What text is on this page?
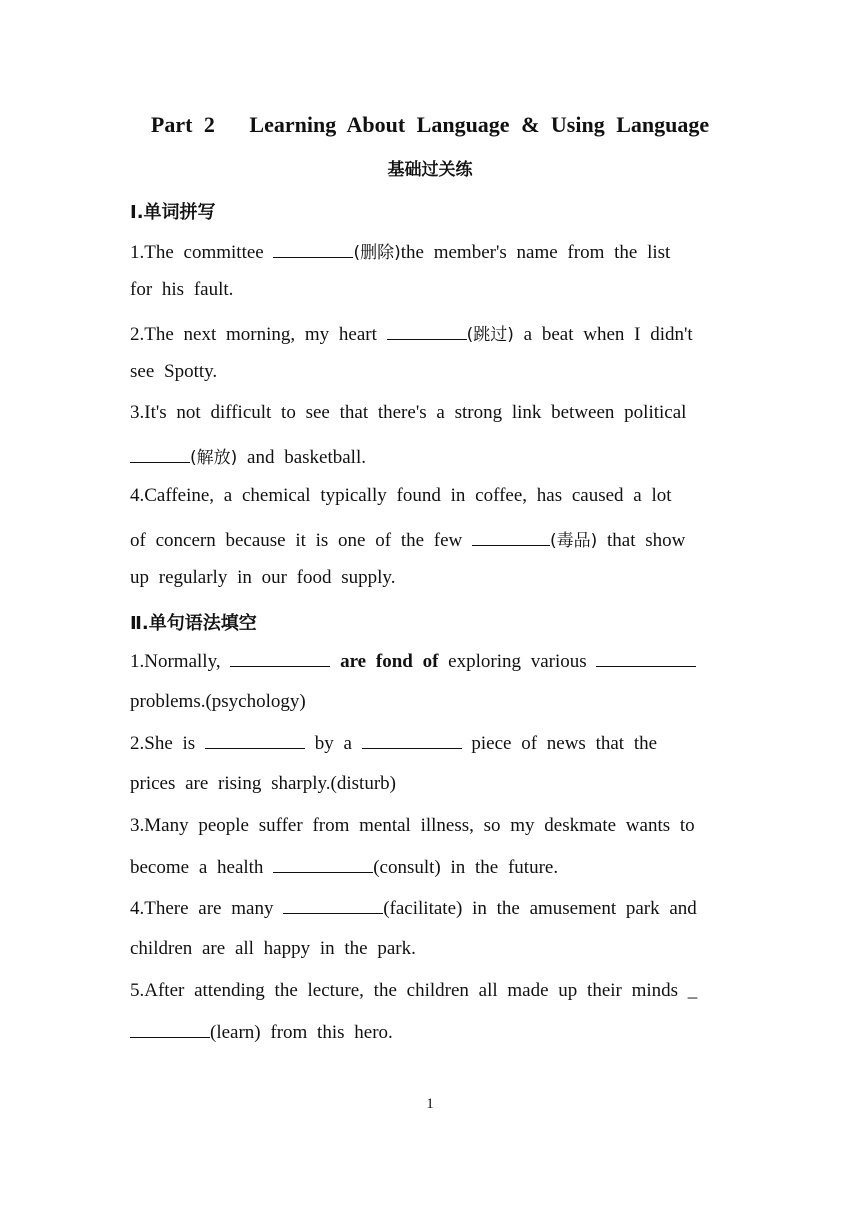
Part 2   Learning About Language & Using Language
基础过关练
Ⅰ.单词拼写
1.The committee	(删除)the member's name from the list
for his fault.
2.The next morning, my heart	(跳过) a beat when I didn't
see Spotty.
3.It's not difficult to see that there's a strong link between political
(解放) and basketball.
4.Caffeine, a chemical typically found in coffee, has caused a lot
of concern because it is one of the few	(毒品) that show
up regularly in our food supply.
Ⅱ.单句语法填空
1.Normally,	are fond of exploring various
problems.(psychology)
2.She is	by a	piece of news that the
prices are rising sharply.(disturb)
3.Many people suffer from mental illness, so my deskmate wants to
become a health	(consult) in the future.
4.There are many	(facilitate) in the amusement park and
children are all happy in the park.
5.After attending the lecture, the children all made up their minds _
(learn) from this hero.
1
